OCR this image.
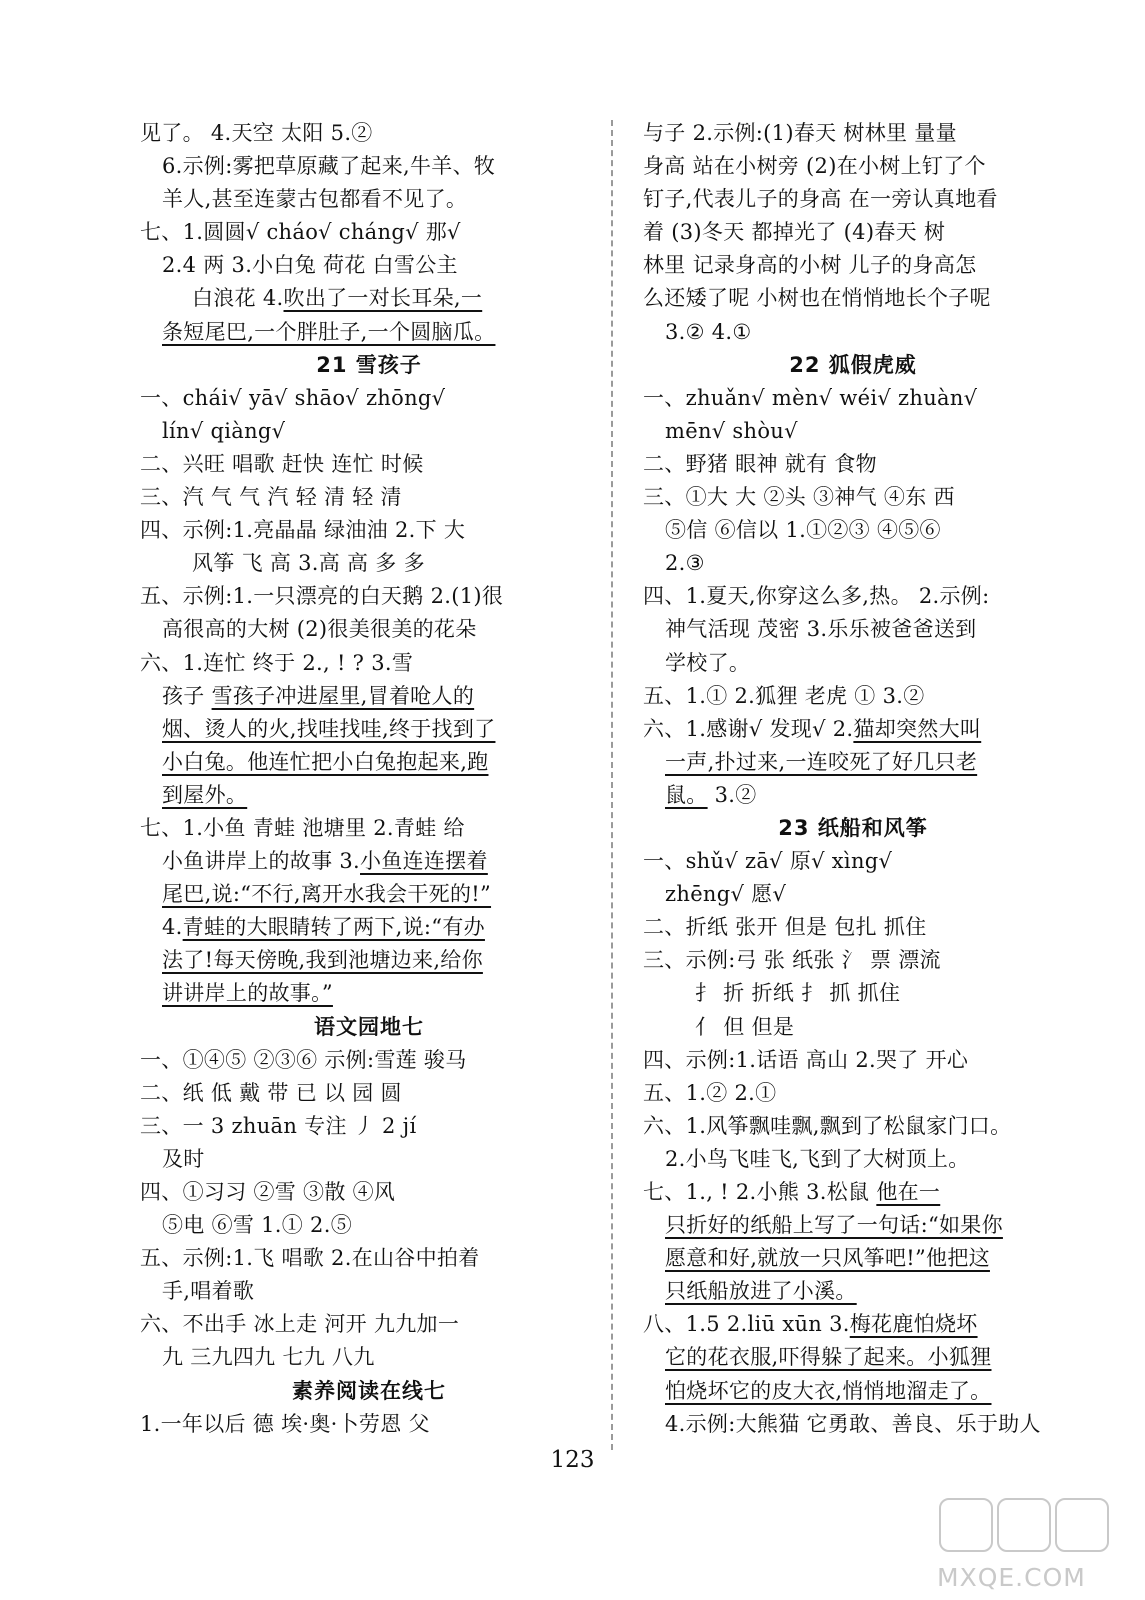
见了。 4.天空 太阳 5.②
6.示例:雾把草原藏了起来,牛羊、牧
羊人,甚至连蒙古包都看不见了。
七、1.圆圆√ cháo√ cháng√ 那√
2.4 两 3.小白兔 荷花 白雪公主
白浪花 4.吹出了一对长耳朵,一
条短尾巴,一个胖肚子,一个圆脑瓜。
21 雪孩子
一、chái√ yā√ shāo√ zhōng√
lín√ qiàng√
二、兴旺 唱歌 赶快 连忙 时候
三、汽 气 气 汽 轻 清 轻 清
四、示例:1.亮晶晶 绿油油 2.下 大
风筝 飞 高 3.高 高 多 多
五、示例:1.一只漂亮的白天鹅 2.(1)很
高很高的大树 (2)很美很美的花朵
六、1.连忙 终于 2., ! ? 3.雪
孩子 雪孩子冲进屋里,冒着呛人的
烟、烫人的火,找哇找哇,终于找到了
小白兔。他连忙把小白兔抱起来,跑
到屋外。
七、1.小鱼 青蛙 池塘里 2.青蛙 给
小鱼讲岸上的故事 3.小鱼连连摆着
尾巴,说:“不行,离开水我会干死的!”
4.青蛙的大眼睛转了两下,说:“有办
法了!每天傍晚,我到池塘边来,给你
讲讲岸上的故事。”
语文园地七
一、①④⑤ ②③⑥ 示例:雪莲 骏马
二、纸 低 戴 带 已 以 园 圆
三、一 3 zhuān 专注 丿 2 jí
及时
四、①习习 ②雪 ③散 ④风
⑤电 ⑥雪 1.① 2.⑤
五、示例:1.飞 唱歌 2.在山谷中拍着
手,唱着歌
六、不出手 冰上走 河开 九九加一
九 三九四九 七九 八九
素养阅读在线七
1.一年以后 德 埃·奥·卜劳恩 父
与子 2.示例:(1)春天 树林里 量量
身高 站在小树旁 (2)在小树上钉了个
钉子,代表儿子的身高 在一旁认真地看
着 (3)冬天 都掉光了 (4)春天 树
林里 记录身高的小树 儿子的身高怎
么还矮了呢 小树也在悄悄地长个子呢
3.② 4.①
22 狐假虎威
一、zhuǎn√ mèn√ wéi√ zhuàn√
mēn√ shòu√
二、野猪 眼神 就有 食物
三、①大 大 ②头 ③神气 ④东 西
⑤信 ⑥信以 1.①②③ ④⑤⑥
2.③
四、1.夏天,你穿这么多,热。 2.示例:
神气活现 茂密 3.乐乐被爸爸送到
学校了。
五、1.① 2.狐狸 老虎 ① 3.②
六、1.感谢√ 发现√ 2.猫却突然大叫
一声,扑过来,一连咬死了好几只老
鼠。 3.②
23 纸船和风筝
一、shǔ√ zā√ 原√ xìng√
zhēng√ 愿√
二、折纸 张开 但是 包扎 抓住
三、示例:弓 张 纸张 氵 票 漂流
扌 折 折纸 扌 抓 抓住
亻 但 但是
四、示例:1.话语 高山 2.哭了 开心
五、1.② 2.①
六、1.风筝飘哇飘,飘到了松鼠家门口。
2.小鸟飞哇飞,飞到了大树顶上。
七、1., ! 2.小熊 3.松鼠 他在一
只折好的纸船上写了一句话:“如果你
愿意和好,就放一只风筝吧!”他把这
只纸船放进了小溪。
八、1.5 2.liū xūn 3.梅花鹿怕烧坏
它的花衣服,吓得躲了起来。小狐狸
怕烧坏它的皮大衣,悄悄地溜走了。
4.示例:大熊猫 它勇敢、善良、乐于助人
123
MXQE.COM
